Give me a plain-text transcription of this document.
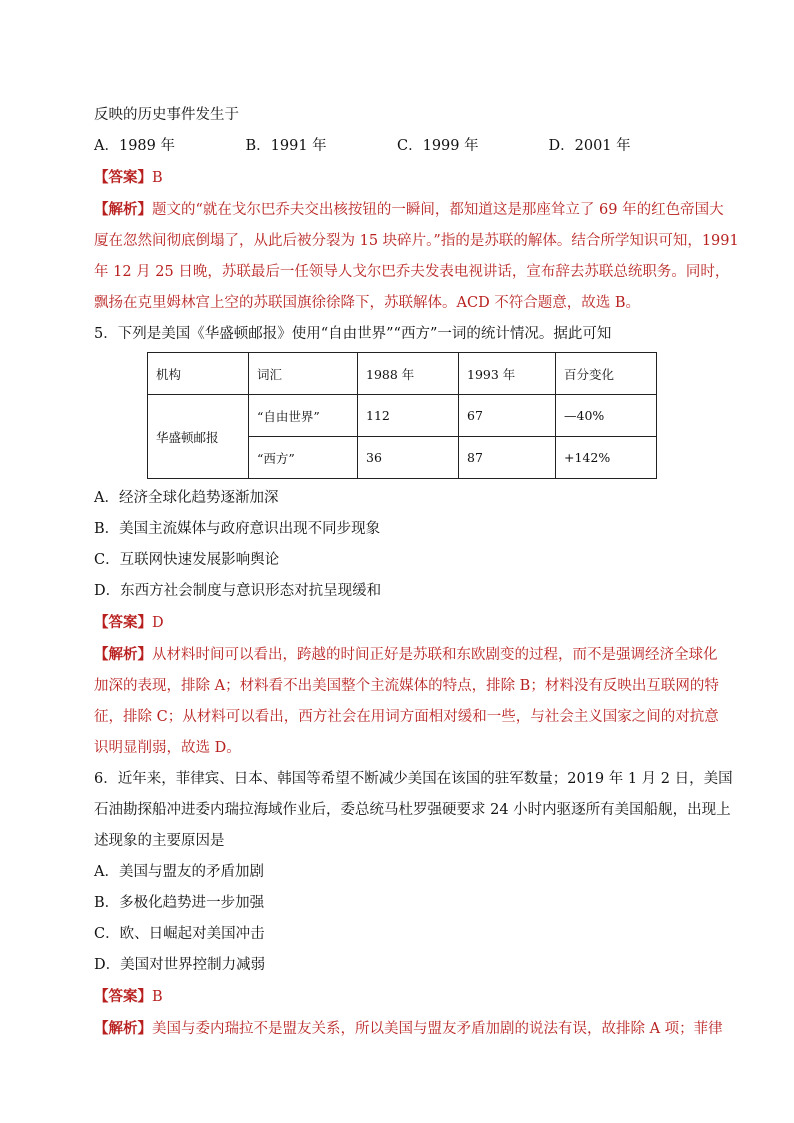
反映的历史事件发生于
A．1989 年	B．1991 年	C．1999 年	D．2001 年
【答案】B
【解析】题文的“就在戈尔巴乔夫交出核按钮的一瞬间，都知道这是那座耸立了 69 年的红色帝国大
厦在忽然间彻底倒塌了，从此后被分裂为 15 块碎片。”指的是苏联的解体。结合所学知识可知，1991
年 12 月 25 日晚，苏联最后一任领导人戈尔巴乔夫发表电视讲话，宣布辞去苏联总统职务。同时，
飘扬在克里姆林宫上空的苏联国旗徐徐降下，苏联解体。ACD 不符合题意，故选 B。
5．下列是美国《华盛顿邮报》使用“自由世界”“西方”一词的统计情况。据此可知
机构	词汇	1988 年	1993 年	百分变化
华盛顿邮报	“自由世界”	112	67	—40%
	“西方”	36	87	+142%
A．经济全球化趋势逐渐加深
B．美国主流媒体与政府意识出现不同步现象
C．互联网快速发展影响舆论
D．东西方社会制度与意识形态对抗呈现缓和
【答案】D
【解析】从材料时间可以看出，跨越的时间正好是苏联和东欧剧变的过程，而不是强调经济全球化
加深的表现，排除 A；材料看不出美国整个主流媒体的特点，排除 B；材料没有反映出互联网的特
征，排除 C；从材料可以看出，西方社会在用词方面相对缓和一些，与社会主义国家之间的对抗意
识明显削弱，故选 D。
6．近年来，菲律宾、日本、韩国等希望不断减少美国在该国的驻军数量；2019 年 1 月 2 日，美国
石油勘探船冲进委内瑞拉海域作业后，委总统马杜罗强硬要求 24 小时内驱逐所有美国船舰，出现上
述现象的主要原因是
A．美国与盟友的矛盾加剧
B．多极化趋势进一步加强
C．欧、日崛起对美国冲击
D．美国对世界控制力减弱
【答案】B
【解析】美国与委内瑞拉不是盟友关系，所以美国与盟友矛盾加剧的说法有误，故排除 A 项；菲律
